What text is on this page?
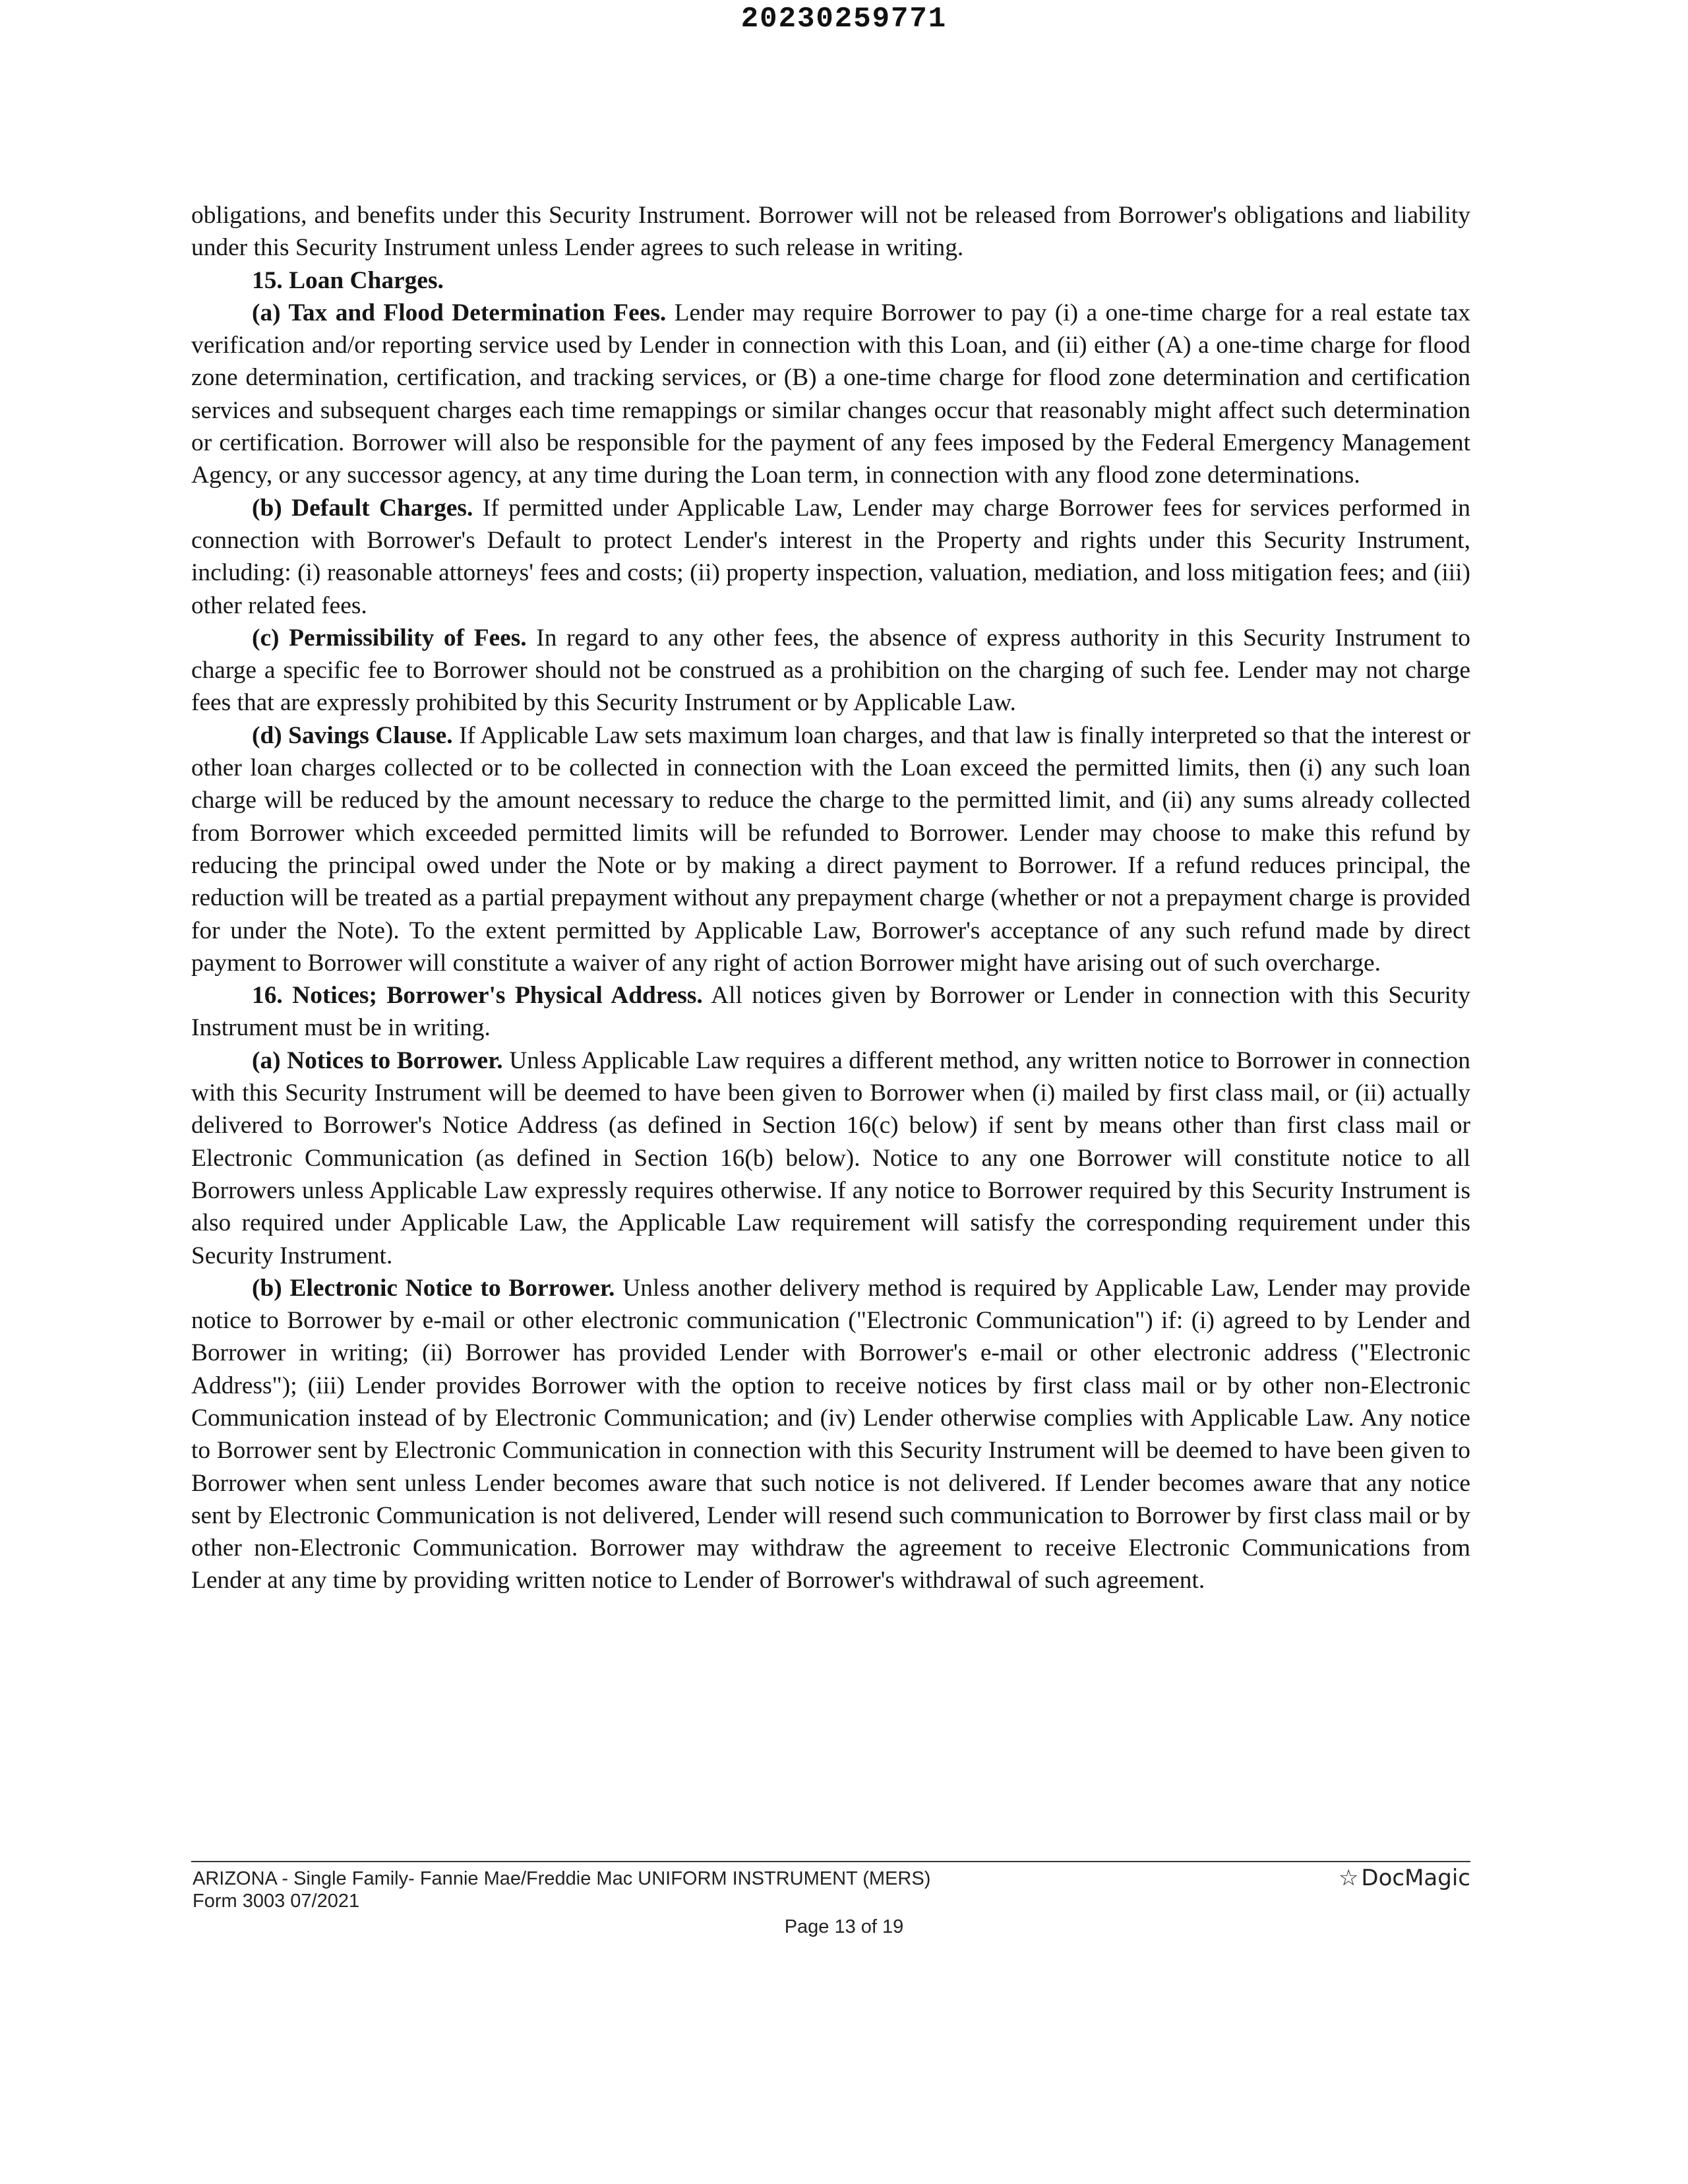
20230259771

obligations, and benefits under this Security Instrument. Borrower will not be released from Borrower's obligations and liability under this Security Instrument unless Lender agrees to such release in writing.

15. Loan Charges.

(a) Tax and Flood Determination Fees. Lender may require Borrower to pay (i) a one-time charge for a real estate tax verification and/or reporting service used by Lender in connection with this Loan, and (ii) either (A) a one-time charge for flood zone determination, certification, and tracking services, or (B) a one-time charge for flood zone determination and certification services and subsequent charges each time remappings or similar changes occur that reasonably might affect such determination or certification. Borrower will also be responsible for the payment of any fees imposed by the Federal Emergency Management Agency, or any successor agency, at any time during the Loan term, in connection with any flood zone determinations.

(b) Default Charges. If permitted under Applicable Law, Lender may charge Borrower fees for services performed in connection with Borrower's Default to protect Lender's interest in the Property and rights under this Security Instrument, including: (i) reasonable attorneys' fees and costs; (ii) property inspection, valuation, mediation, and loss mitigation fees; and (iii) other related fees.

(c) Permissibility of Fees. In regard to any other fees, the absence of express authority in this Security Instrument to charge a specific fee to Borrower should not be construed as a prohibition on the charging of such fee. Lender may not charge fees that are expressly prohibited by this Security Instrument or by Applicable Law.

(d) Savings Clause. If Applicable Law sets maximum loan charges, and that law is finally interpreted so that the interest or other loan charges collected or to be collected in connection with the Loan exceed the permitted limits, then (i) any such loan charge will be reduced by the amount necessary to reduce the charge to the permitted limit, and (ii) any sums already collected from Borrower which exceeded permitted limits will be refunded to Borrower. Lender may choose to make this refund by reducing the principal owed under the Note or by making a direct payment to Borrower. If a refund reduces principal, the reduction will be treated as a partial prepayment without any prepayment charge (whether or not a prepayment charge is provided for under the Note). To the extent permitted by Applicable Law, Borrower's acceptance of any such refund made by direct payment to Borrower will constitute a waiver of any right of action Borrower might have arising out of such overcharge.

16. Notices; Borrower's Physical Address. All notices given by Borrower or Lender in connection with this Security Instrument must be in writing.

(a) Notices to Borrower. Unless Applicable Law requires a different method, any written notice to Borrower in connection with this Security Instrument will be deemed to have been given to Borrower when (i) mailed by first class mail, or (ii) actually delivered to Borrower's Notice Address (as defined in Section 16(c) below) if sent by means other than first class mail or Electronic Communication (as defined in Section 16(b) below). Notice to any one Borrower will constitute notice to all Borrowers unless Applicable Law expressly requires otherwise. If any notice to Borrower required by this Security Instrument is also required under Applicable Law, the Applicable Law requirement will satisfy the corresponding requirement under this Security Instrument.

(b) Electronic Notice to Borrower. Unless another delivery method is required by Applicable Law, Lender may provide notice to Borrower by e-mail or other electronic communication ("Electronic Communication") if: (i) agreed to by Lender and Borrower in writing; (ii) Borrower has provided Lender with Borrower's e-mail or other electronic address ("Electronic Address"); (iii) Lender provides Borrower with the option to receive notices by first class mail or by other non-Electronic Communication instead of by Electronic Communication; and (iv) Lender otherwise complies with Applicable Law. Any notice to Borrower sent by Electronic Communication in connection with this Security Instrument will be deemed to have been given to Borrower when sent unless Lender becomes aware that such notice is not delivered. If Lender becomes aware that any notice sent by Electronic Communication is not delivered, Lender will resend such communication to Borrower by first class mail or by other non-Electronic Communication. Borrower may withdraw the agreement to receive Electronic Communications from Lender at any time by providing written notice to Lender of Borrower's withdrawal of such agreement.

ARIZONA - Single Family- Fannie Mae/Freddie Mac UNIFORM INSTRUMENT (MERS)
Form 3003 07/2021
Page 13 of 19
☆ DocMagic
